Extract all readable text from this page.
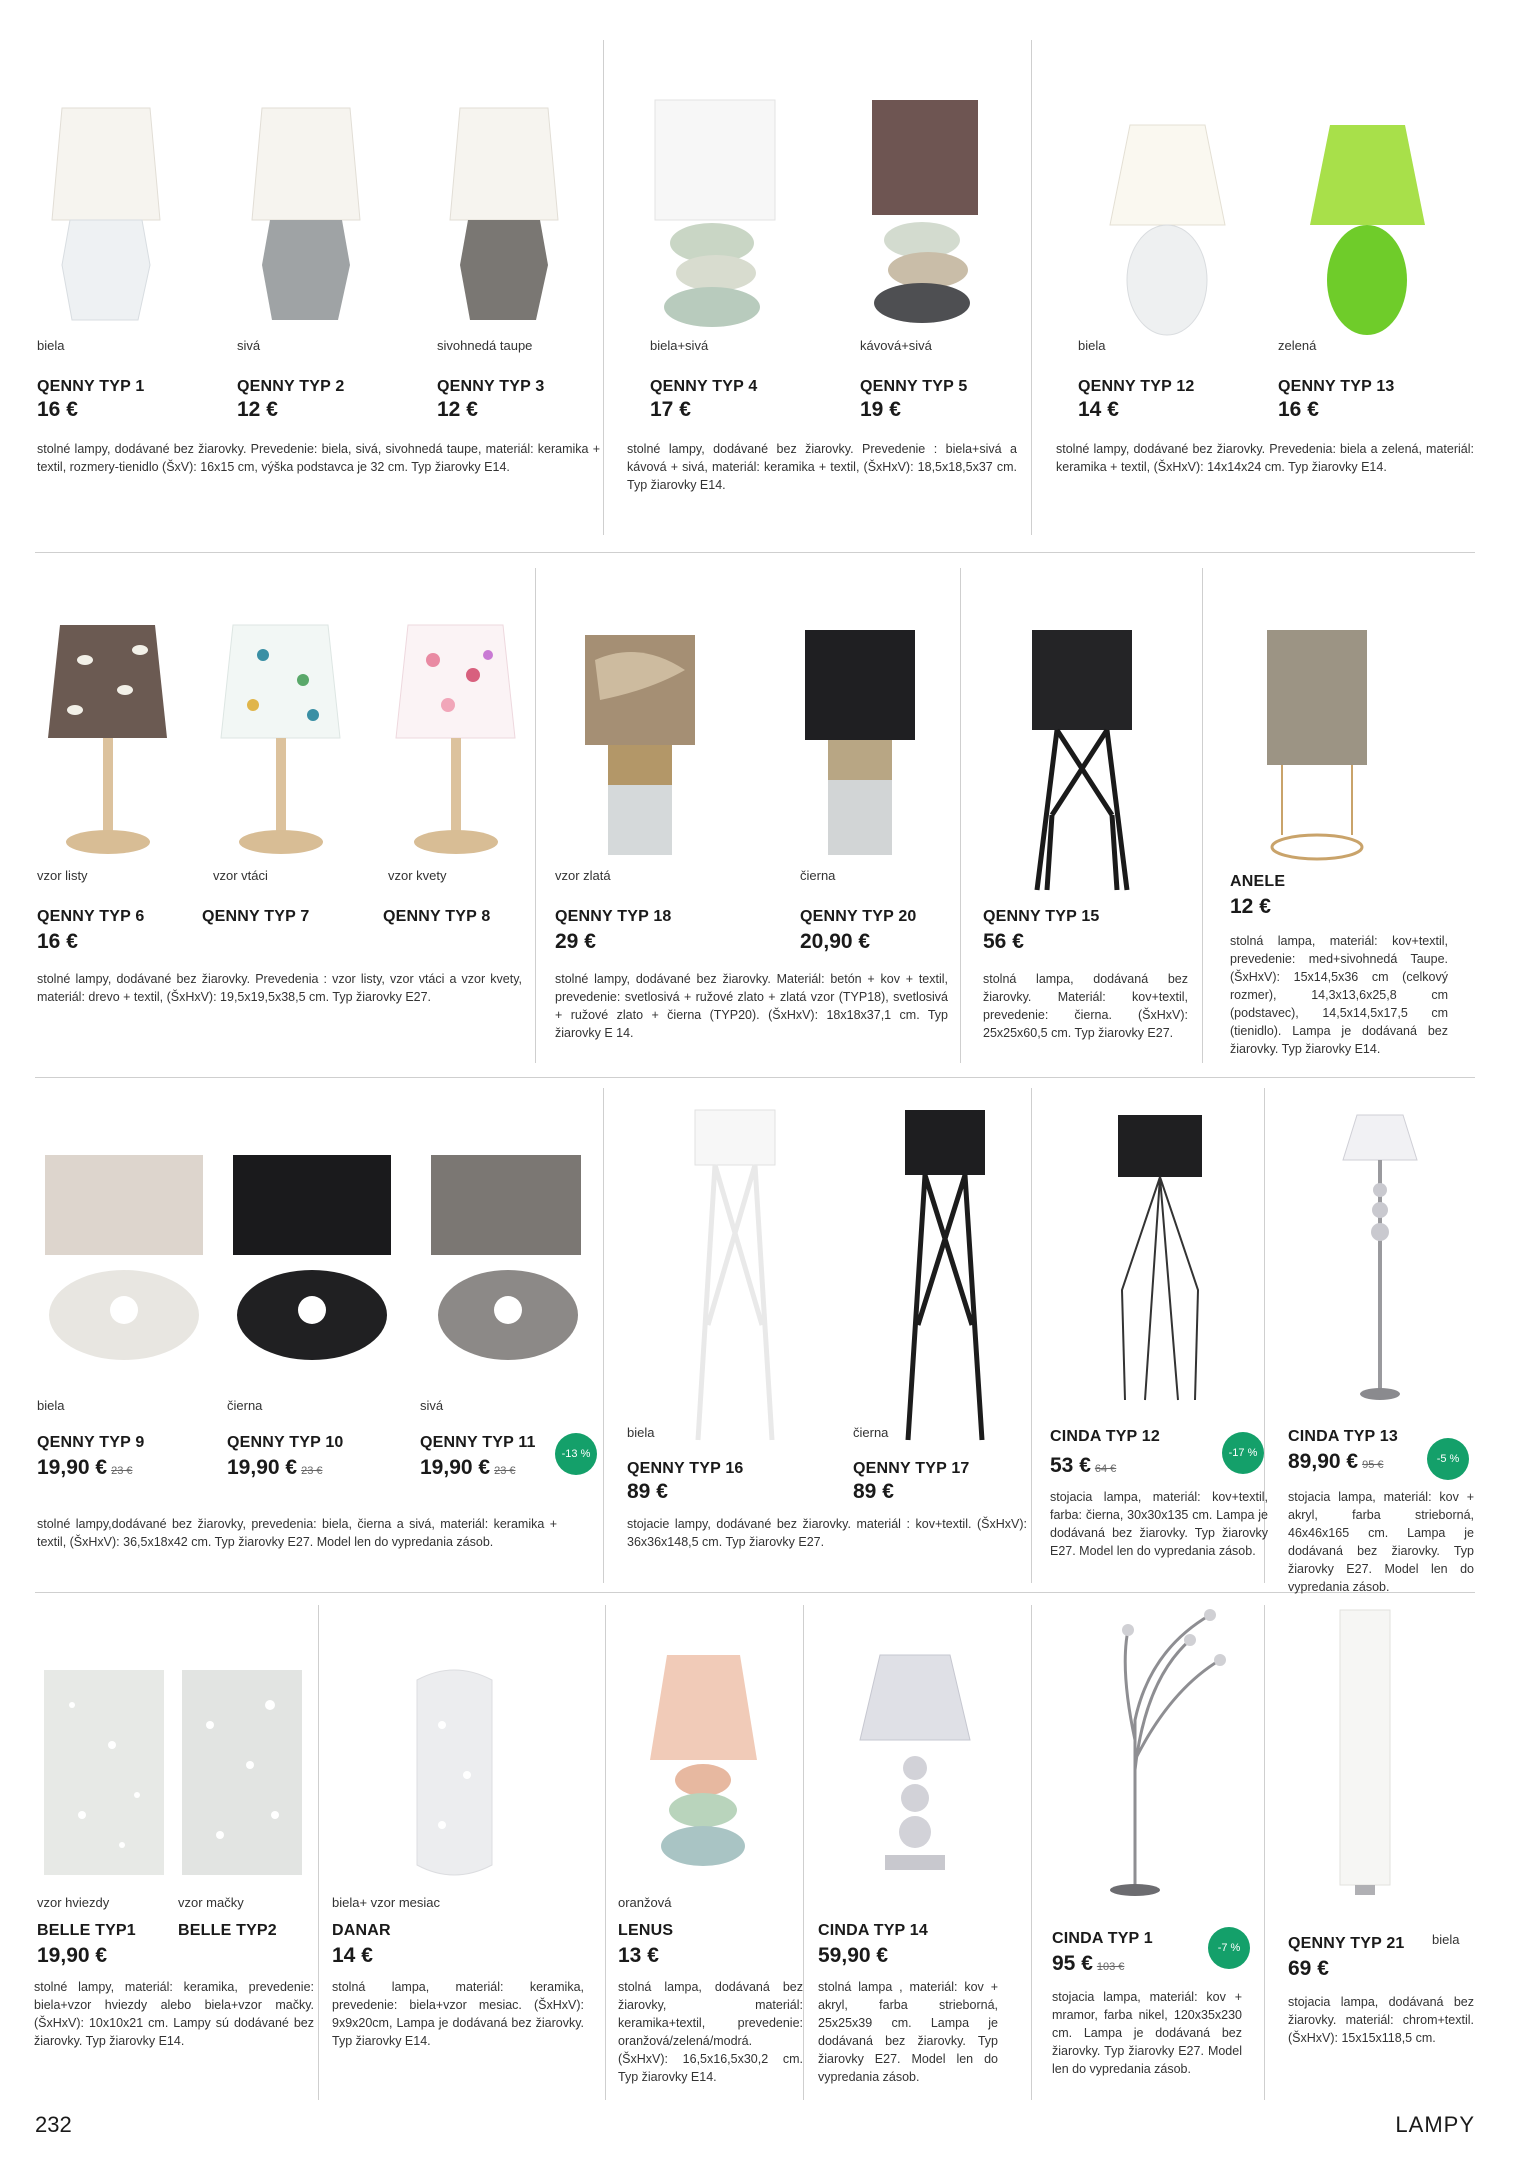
biela	sivá	sivohnedá taupe
QENNY TYP 1	QENNY TYP 2	QENNY TYP 3
16 €	12 €	12 €
stolné lampy, dodávané bez žiarovky. Prevedenie: biela, sivá, sivohnedá taupe, materiál: keramika + textil, rozmery-tienidlo (ŠxV): 16x15 cm, výška podstavca je 32 cm. Typ žiarovky E14.
biela+sivá	kávová+sivá
QENNY TYP 4	QENNY TYP 5
17 €	19 €
stolné lampy, dodávané bez žiarovky. Prevedenie : biela+sivá a kávová + sivá, materiál: keramika + textil, (ŠxHxV): 18,5x18,5x37 cm. Typ žiarovky E14.
biela	zelená
QENNY TYP 12	QENNY TYP 13
14 €	16 €
stolné lampy, dodávané bez žiarovky. Prevedenia: biela a zelená, materiál: keramika + textil, (ŠxHxV): 14x14x24 cm. Typ žiarovky E14.
vzor listy	vzor vtáci	vzor kvety
QENNY TYP 6	QENNY TYP 7	QENNY TYP 8
16 €
stolné lampy, dodávané bez žiarovky. Prevedenia : vzor listy, vzor vtáci a vzor kvety, materiál: drevo + textil, (ŠxHxV): 19,5x19,5x38,5 cm. Typ žiarovky E27.
vzor zlatá	čierna
QENNY TYP 18	QENNY TYP 20
29 €	20,90 €
stolné lampy, dodávané bez žiarovky. Materiál: betón + kov + textil, prevedenie: svetlosivá + ružové zlato + zlatá vzor (TYP18), svetlosivá + ružové zlato + čierna (TYP20). (ŠxHxV): 18x18x37,1 cm. Typ žiarovky E 14.
QENNY TYP 15
56 €
stolná lampa, dodávaná bez žiarovky. Materiál: kov+textil, prevedenie: čierna. (ŠxHxV): 25x25x60,5 cm. Typ žiarovky E27.
ANELE
12 €
stolná lampa, materiál: kov+textil, prevedenie: med+sivohnedá Taupe. (ŠxHxV): 15x14,5x36 cm (celkový rozmer), 14,3x13,6x25,8 cm (podstavec), 14,5x14,5x17,5 cm (tienidlo). Lampa je dodávaná bez žiarovky. Typ žiarovky E14.
biela	čierna	sivá
QENNY TYP 9	QENNY TYP 10	QENNY TYP 11
19,90 € 23 €	19,90 € 23 €	19,90 € 23 €
-13 %
stolné lampy,dodávané bez žiarovky, prevedenia: biela, čierna a sivá, materiál: keramika + textil, (ŠxHxV): 36,5x18x42 cm. Typ žiarovky E27. Model len do vypredania zásob.
biela	čierna
QENNY TYP 16	QENNY TYP 17
89 €	89 €
stojacie lampy, dodávané bez žiarovky. materiál : kov+textil. (ŠxHxV): 36x36x148,5 cm. Typ žiarovky E27.
CINDA TYP 12
53 € 64 €
-17 %
stojacia lampa, materiál: kov+textil, farba: čierna, 30x30x135 cm. Lampa je dodávaná bez žiarovky. Typ žiarovky E27. Model len do vypredania zásob.
CINDA TYP 13
89,90 € 95 €	-5 %
stojacia lampa, materiál: kov + akryl, farba strieborná, 46x46x165 cm. Lampa je dodávaná bez žiarovky. Typ žiarovky E27. Model len do vypredania zásob.
vzor hviezdy	vzor mačky
BELLE TYP1	BELLE TYP2
19,90 €
stolné lampy, materiál: keramika, prevedenie: biela+vzor hviezdy alebo biela+vzor mačky. (ŠxHxV): 10x10x21 cm. Lampy sú dodávané bez žiarovky. Typ žiarovky E14.
biela+ vzor mesiac
DANAR
14 €
stolná lampa, materiál: keramika, prevedenie: biela+vzor mesiac. (ŠxHxV): 9x9x20cm, Lampa je dodávaná bez žiarovky. Typ žiarovky E14.
oranžová
LENUS
13 €
stolná lampa, dodávaná bez žiarovky, materiál: keramika+textil, prevedenie: oranžová/zelená/modrá. (ŠxHxV): 16,5x16,5x30,2 cm. Typ žiarovky E14.
CINDA TYP 14
59,90 €
stolná lampa , materiál: kov + akryl, farba strieborná, 25x25x39 cm. Lampa je dodávaná bez žiarovky. Typ žiarovky E27. Model len do vypredania zásob.
CINDA TYP 1
95 € 103 €
-7 %
stojacia lampa, materiál: kov + mramor, farba nikel, 120x35x230 cm. Lampa je dodávaná bez žiarovky. Typ žiarovky E27. Model len do vypredania zásob.
QENNY TYP 21 biela
69 €
stojacia lampa, dodávaná bez žiarovky. materiál: chrom+textil.(ŠxHxV): 15x15x118,5 cm.
232	LAMPY
